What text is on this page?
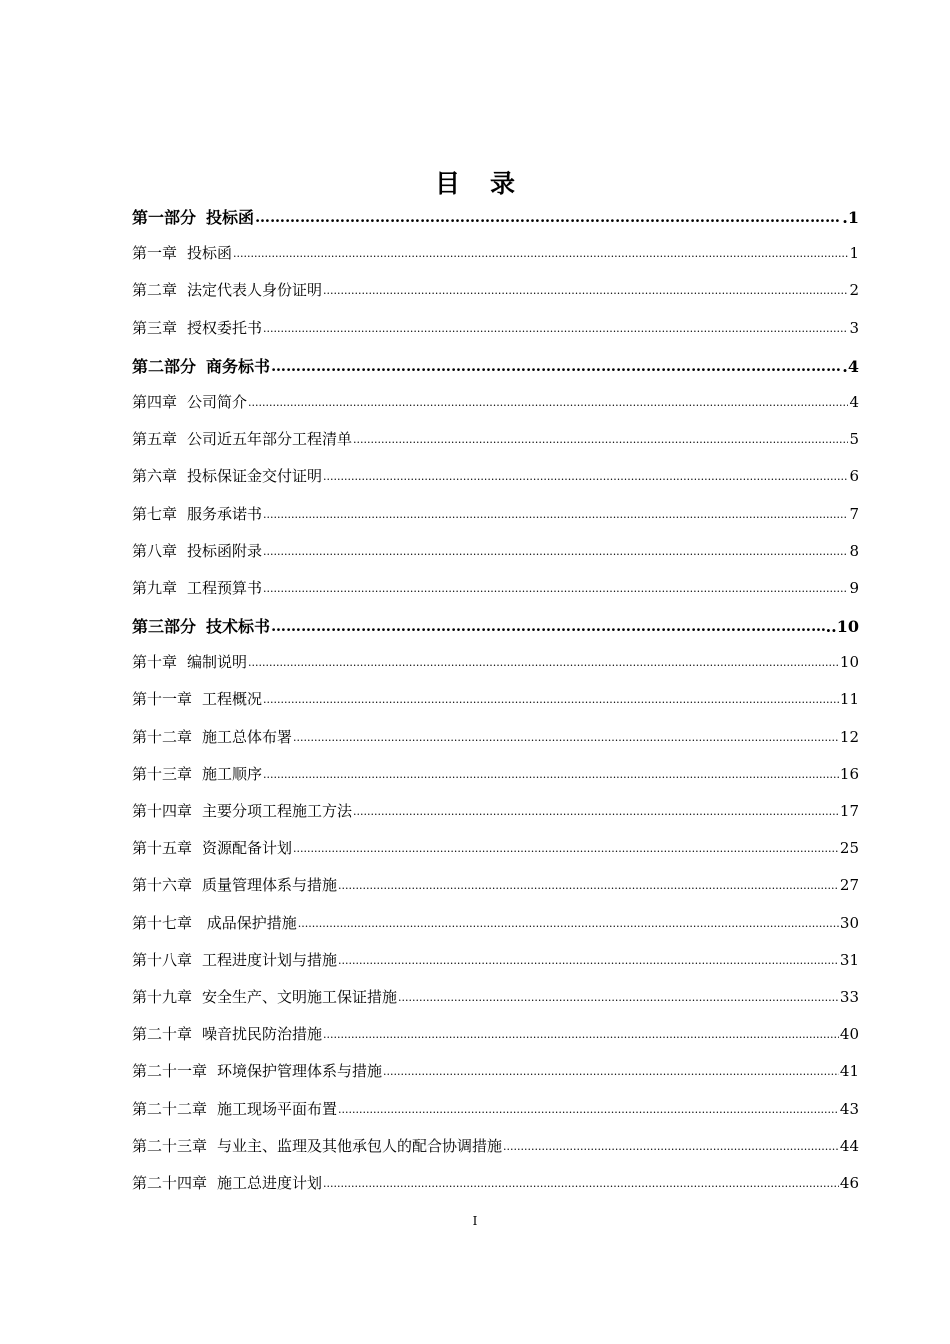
目 录
第一部分 投标函 ……………………………………………………………………………………………………………………	.1
第一章 投标函 .....	1
第二章 法定代表人身份证明 .....	2
第三章 授权委托书 .....	3
第二部分 商务标书 ……………………………………………………………………………………………………………………	.4
第四章 公司简介 .....	4
第五章 公司近五年部分工程清单 .....	5
第六章 投标保证金交付证明 .....	6
第七章 服务承诺书 .....	7
第八章 投标函附录 .....	8
第九章 工程预算书 .....	9
第三部分 技术标书 ……………………………………………………………………………………………………………………	..10
第十章 编制说明 .....	10
第十一章 工程概况 .....	11
第十二章 施工总体布署 .....	12
第十三章 施工顺序 .....	16
第十四章 主要分项工程施工方法 .....	17
第十五章 资源配备计划 .....	25
第十六章 质量管理体系与措施 .....	27
第十七章 成品保护措施 .....	30
第十八章 工程进度计划与措施 .....	31
第十九章 安全生产、文明施工保证措施 .....	33
第二十章 噪音扰民防治措施 .....	40
第二十一章 环境保护管理体系与措施 .....	41
第二十二章 施工现场平面布置 .....	43
第二十三章 与业主、监理及其他承包人的配合协调措施 .....	44
第二十四章 施工总进度计划 .....	46
I
